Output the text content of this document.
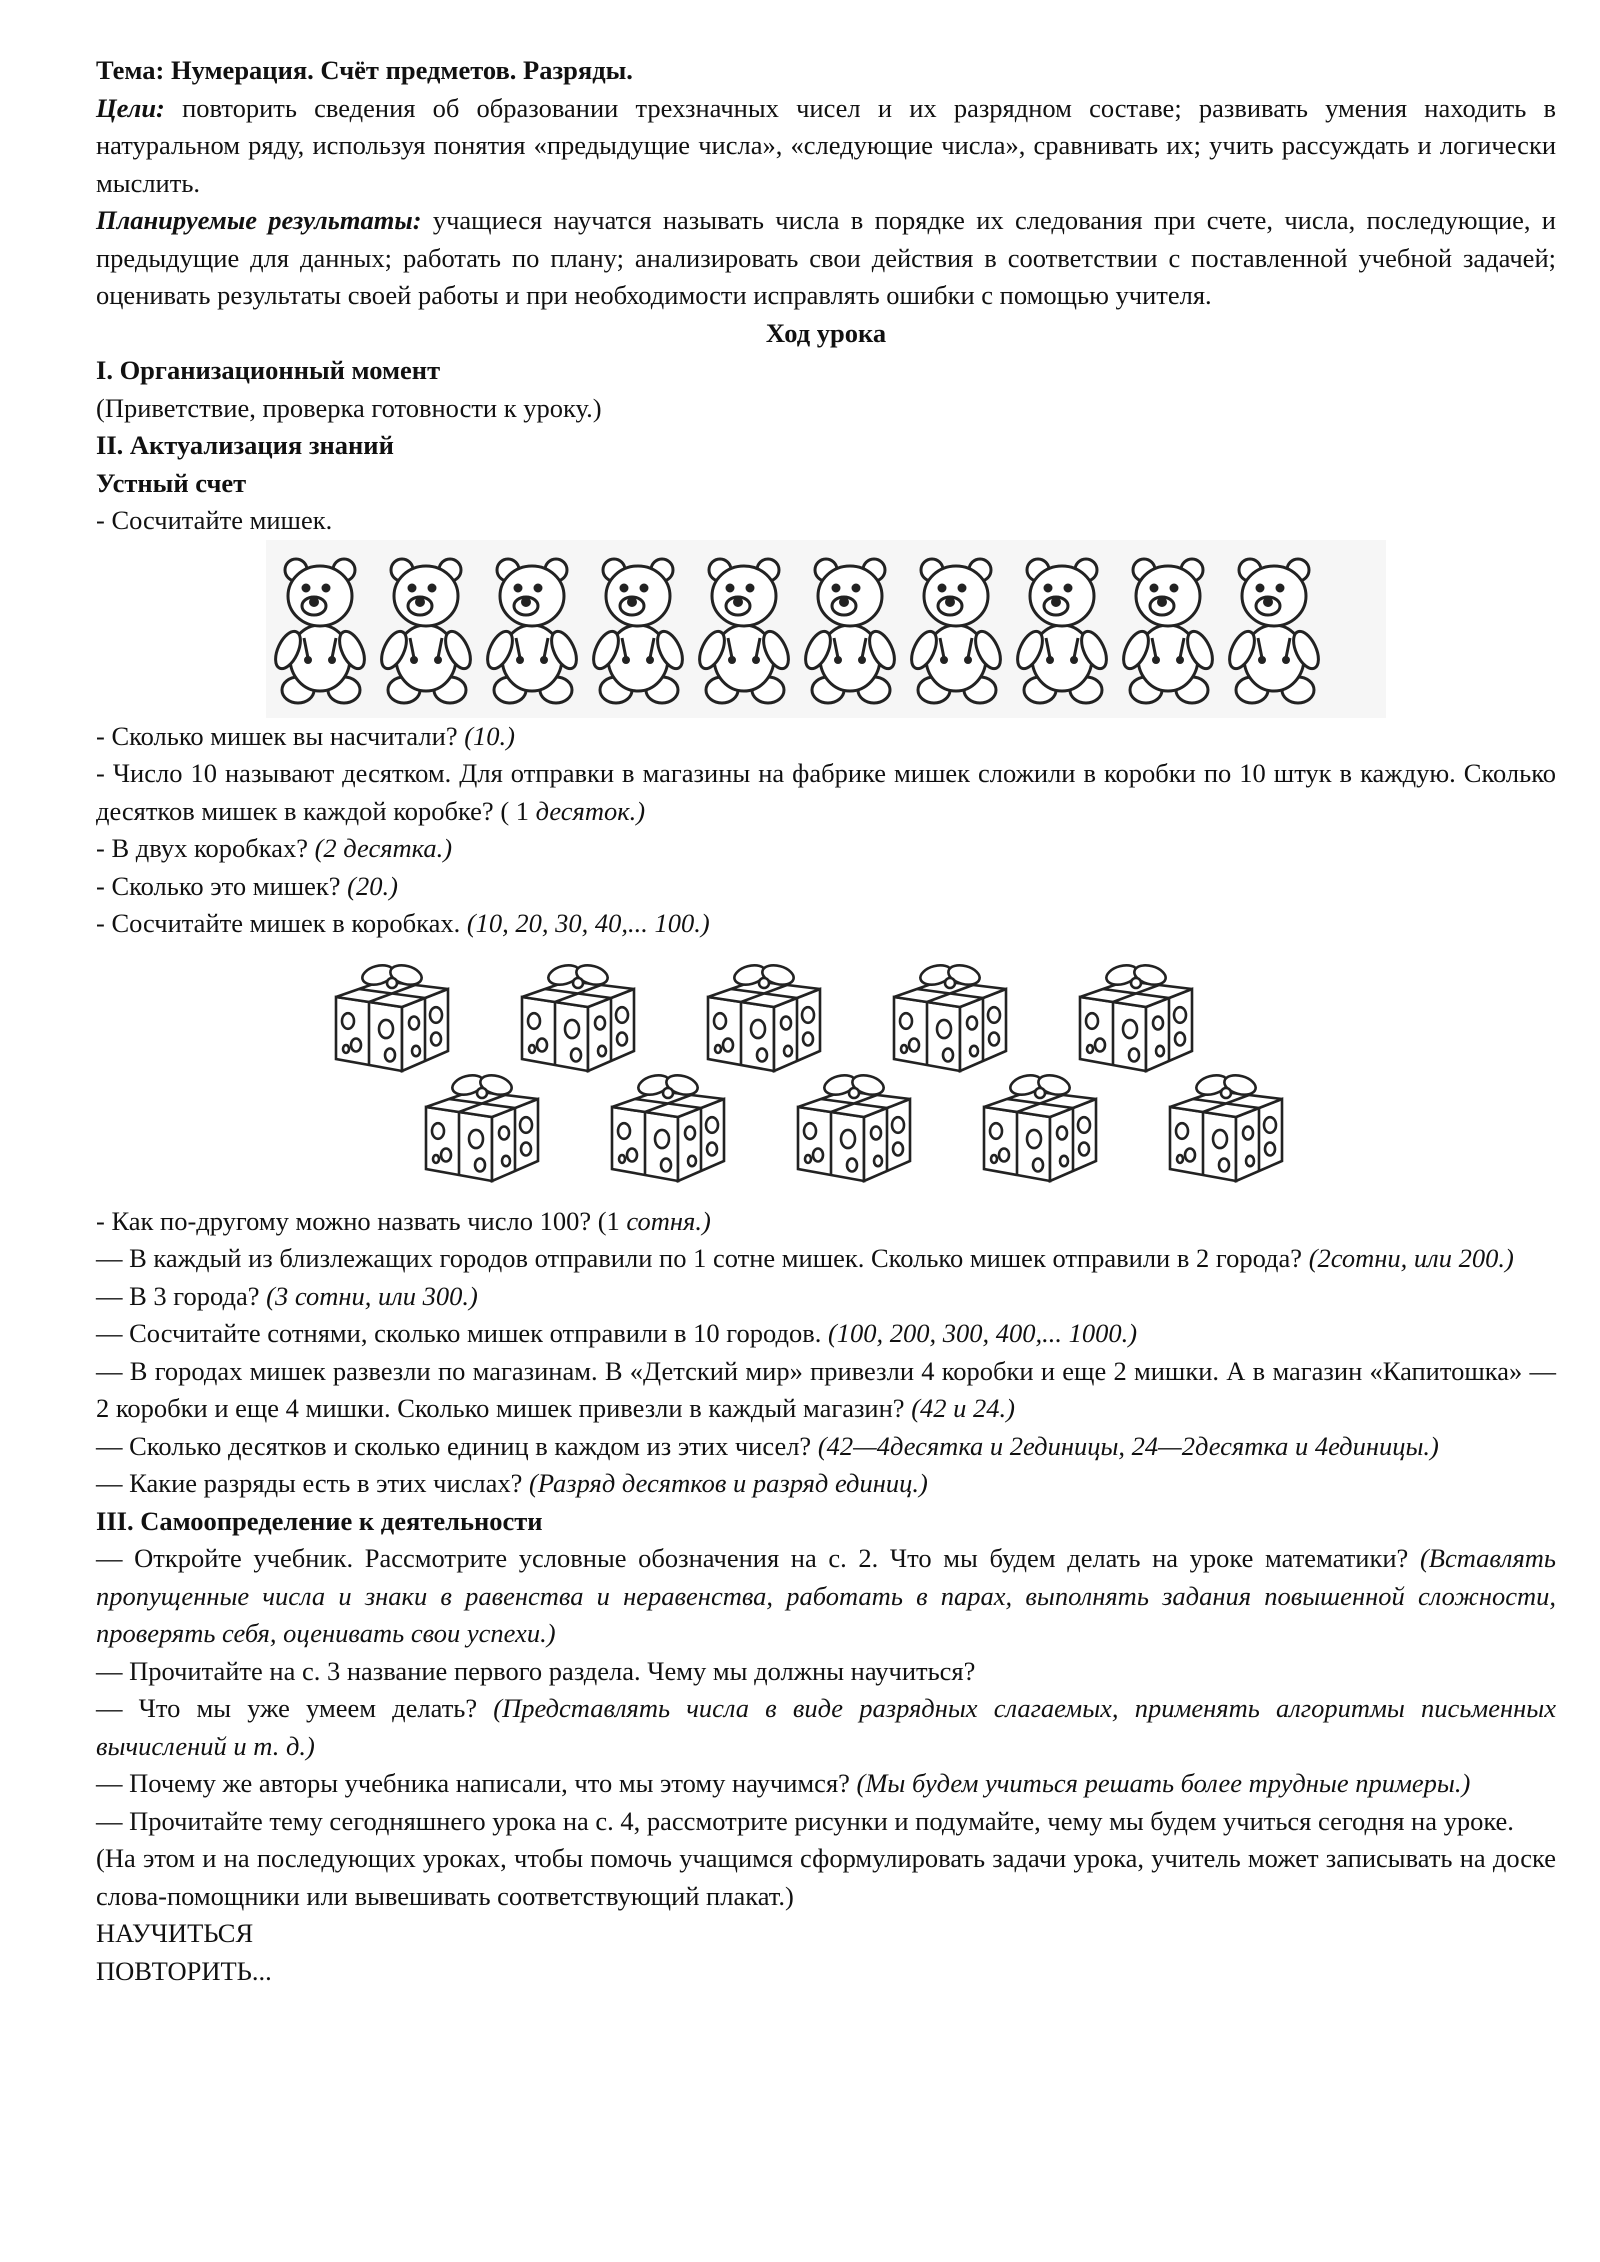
Тема: Нумерация. Счёт предметов. Разряды.

Цели: повторить сведения об образовании трехзначных чисел и их разрядном составе; развивать умения находить в натуральном ряду, используя понятия «предыдущие числа», «следующие числа», сравнивать их; учить рассуждать и логически мыслить.

Планируемые результаты: учащиеся научатся называть числа в порядке их следования при счете, числа, последующие, и предыдущие для данных; работать по плану; анализировать свои действия в соответствии с поставленной учебной задачей; оценивать результаты своей работы и при необходимости исправлять ошибки с помощью учителя.

Ход урока

I. Организационный момент

(Приветствие, проверка готовности к уроку.)

II. Актуализация знаний

Устный счет

- Сосчитайте мишек.

- Сколько мишек вы насчитали? (10.)

- Число 10 называют десятком. Для отправки в магазины на фабрике мишек сложили в коробки по 10 штук в каждую. Сколько десятков мишек в каждой коробке? ( 1 десяток.)

- В двух коробках? (2 десятка.)

- Сколько это мишек? (20.)

- Сосчитайте мишек в коробках. (10, 20, 30, 40,... 100.)

- Как по-другому можно назвать число 100? (1 сотня.)

— В каждый из близлежащих городов отправили по 1 сотне мишек. Сколько мишек отправили в 2 города? (2сотни, или 200.)

— В 3 города? (3 сотни, или 300.)

— Сосчитайте сотнями, сколько мишек отправили в 10 городов. (100, 200, 300, 400,... 1000.)

— В городах мишек развезли по магазинам. В «Детский мир» привезли 4 коробки и еще 2 мишки. А в магазин «Капитошка» — 2 коробки и еще 4 мишки. Сколько мишек привезли в каждый магазин? (42 и 24.)

— Сколько десятков и сколько единиц в каждом из этих чисел? (42—4десятка и 2единицы, 24—2десятка и 4единицы.)

— Какие разряды есть в этих числах? (Разряд десятков и разряд единиц.)

III. Самоопределение к деятельности

— Откройте учебник. Рассмотрите условные обозначения на с. 2. Что мы будем делать на уроке математики? (Вставлять пропущенные числа и знаки в равенства и неравенства, работать в парах, выполнять задания повышенной сложности, проверять себя, оценивать свои успехи.)

— Прочитайте на с. 3 название первого раздела. Чему мы должны научиться?

— Что мы уже умеем делать? (Представлять числа в виде разрядных слагаемых, применять алгоритмы письменных вычислений и т. д.)

— Почему же авторы учебника написали, что мы этому научимся? (Мы будем учиться решать более трудные примеры.)

— Прочитайте тему сегодняшнего урока на с. 4, рассмотрите рисунки и подумайте, чему мы будем учиться сегодня на уроке.

(На этом и на последующих уроках, чтобы помочь учащимся сформулировать задачи урока, учитель может записывать на доске слова-помощники или вывешивать соответствующий плакат.)

НАУЧИТЬСЯ

ПОВТОРИТЬ...
